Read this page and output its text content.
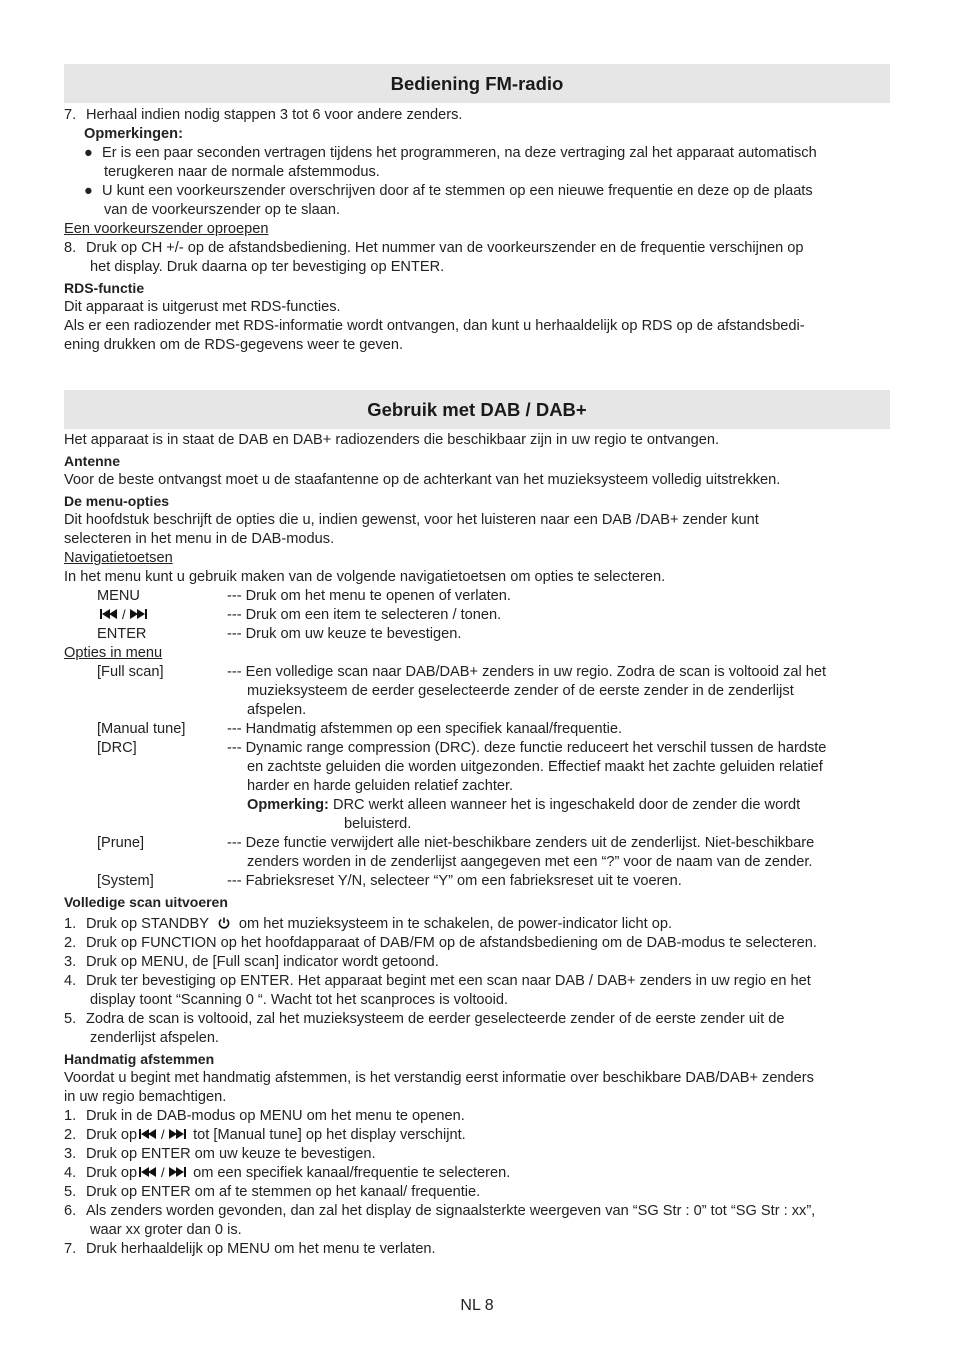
Bediening FM-radio
7. Herhaal indien nodig stappen 3 tot 6 voor andere zenders.

Opmerkingen:

● Er is een paar seconden vertragen tijdens het programmeren, na deze vertraging zal het apparaat automatisch
terugkeren naar de normale afstemmodus.
● U kunt een voorkeurszender overschrijven door af te stemmen op een nieuwe frequentie en deze op de plaats
van de voorkeurszender op te slaan.

Een voorkeurszender oproepen

8. Druk op CH +/- op de afstandsbediening. Het nummer van de voorkeurszender en de frequentie verschijnen op
het display. Druk daarna op ter bevestiging op ENTER.

RDS-functie

Dit apparaat is uitgerust met RDS-functies.

Als er een radiozender met RDS-informatie wordt ontvangen, dan kunt u herhaaldelijk op RDS op de afstandsbedi-

ening drukken om de RDS-gegevens weer te geven.

Gebruik met DAB / DAB+

Het apparaat is in staat de DAB en DAB+ radiozenders die beschikbaar zijn in uw regio te ontvangen.

Antenne

Voor de beste ontvangst moet u de staafantenne op de achterkant van het muzieksysteem volledig uitstrekken.

De menu-opties

Dit hoofdstuk beschrijft de opties die u, indien gewenst, voor het luisteren naar een DAB /DAB+ zender kunt

selecteren in het menu in de DAB-modus.

Navigatietoetsen

In het menu kunt u gebruik maken van de volgende navigatietoetsen om opties te selecteren.

MENU	--- Druk om het menu te openen of verlaten.
/	--- Druk om een item te selecteren / tonen.
ENTER	--- Druk om uw keuze te bevestigen.

Opties in menu

[Full scan]	--- Een volledige scan naar DAB/DAB+ zenders in uw regio. Zodra de scan is voltooid zal het
muzieksysteem de eerder geselecteerde zender of de eerste zender in de zenderlijst
afspelen.
[Manual tune]	--- Handmatig afstemmen op een specifiek kanaal/frequentie.
[DRC]	--- Dynamic range compression (DRC). deze functie reduceert het verschil tussen de hardste
en zachtste geluiden die worden uitgezonden. Effectief maakt het zachte geluiden relatief
harder en harde geluiden relatief zachter.
Opmerking: DRC werkt alleen wanneer het is ingeschakeld door de zender die wordt
beluisterd.
[Prune]	--- Deze functie verwijdert alle niet-beschikbare zenders uit de zenderlijst. Niet-beschikbare
zenders worden in de zenderlijst aangegeven met een “?” voor de naam van de zender.
[System]	--- Fabrieksreset Y/N, selecteer “Y” om een fabrieksreset uit te voeren.

Volledige scan uitvoeren

1. Druk op STANDBY om het muzieksysteem in te schakelen, de power-indicator licht op.
2. Druk op FUNCTION op het hoofdapparaat of DAB/FM op de afstandsbediening om de DAB-modus te selecteren.
3. Druk op MENU, de [Full scan] indicator wordt getoond.
4. Druk ter bevestiging op ENTER. Het apparaat begint met een scan naar DAB / DAB+ zenders in uw regio en het
display toont “Scanning 0 “. Wacht tot het scanproces is voltooid.
5. Zodra de scan is voltooid, zal het muzieksysteem de eerder geselecteerde zender of de eerste zender uit de
zenderlijst afspelen.

Handmatig afstemmen

Voordat u begint met handmatig afstemmen, is het verstandig eerst informatie over beschikbare DAB/DAB+ zenders

in uw regio bemachtigen.

1. Druk in de DAB-modus op MENU om het menu te openen.
2. Druk op / tot [Manual tune] op het display verschijnt.
3. Druk op ENTER om uw keuze te bevestigen.
4. Druk op / om een specifiek kanaal/frequentie te selecteren.
5. Druk op ENTER om af te stemmen op het kanaal/ frequentie.
6. Als zenders worden gevonden, dan zal het display de signaalsterkte weergeven van “SG Str : 0” tot “SG Str : xx”,
waar xx groter dan 0 is.
7. Druk herhaaldelijk op MENU om het menu te verlaten.
NL 8
